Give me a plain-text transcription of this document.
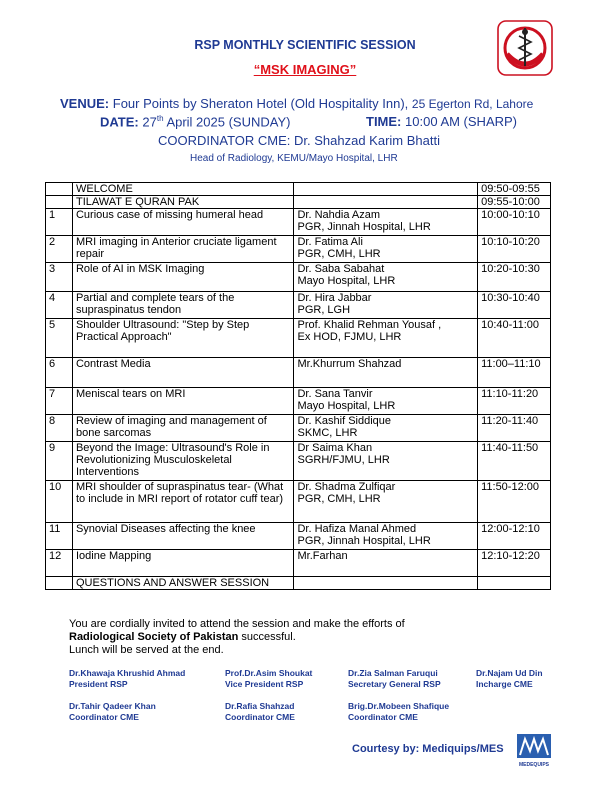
RSP MONTHLY SCIENTIFIC SESSION
“MSK IMAGING”
VENUE: Four Points by Sheraton Hotel (Old Hospitality Inn), 25 Egerton Rd, Lahore
DATE: 27th April 2025 (SUNDAY)	TIME: 10:00 AM (SHARP)
COORDINATOR CME: Dr. Shahzad Karim Bhatti
Head of Radiology, KEMU/Mayo Hospital, LHR
	WELCOME		09:50-09:55
	TILAWAT E QURAN PAK		09:55-10:00
1	Curious case of missing humeral head	Dr. Nahdia Azam
PGR, Jinnah Hospital, LHR	10:00-10:10
2	MRI imaging in Anterior cruciate ligament repair	Dr. Fatima Ali
PGR, CMH, LHR	10:10-10:20
3	Role of AI in MSK Imaging	Dr. Saba Sabahat
Mayo Hospital, LHR	10:20-10:30
4	Partial and complete tears of the supraspinatus tendon	Dr. Hira Jabbar
PGR, LGH	10:30-10:40
5	Shoulder Ultrasound: "Step by Step Practical Approach"	Prof. Khalid Rehman Yousaf ,
Ex HOD, FJMU, LHR	10:40-11:00
6	Contrast Media	Mr.Khurrum Shahzad	11:00–11:10
7	Meniscal tears on MRI	Dr. Sana Tanvir
Mayo Hospital, LHR	11:10-11:20
8	Review of imaging and management of bone sarcomas	Dr. Kashif Siddique
SKMC, LHR	11:20-11:40
9	Beyond the Image: Ultrasound's Role in Revolutionizing Musculoskeletal Interventions	Dr Saima Khan
SGRH/FJMU, LHR	11:40-11:50
10	MRI shoulder of supraspinatus tear- (What to include in MRI report of rotator cuff tear)	Dr. Shadma Zulfiqar
PGR, CMH, LHR	11:50-12:00
11	Synovial Diseases affecting the knee	Dr. Hafiza Manal Ahmed
PGR, Jinnah Hospital, LHR	12:00-12:10
12	Iodine Mapping	Mr.Farhan	12:10-12:20
	QUESTIONS AND ANSWER SESSION	

You are cordially invited to attend the session and make the efforts of
Radiological Society of Pakistan successful.
Lunch will be served at the end.
Dr.Khawaja Khrushid Ahmad
President RSP
Prof.Dr.Asim Shoukat
Vice President RSP
Dr.Zia Salman Faruqui
Secretary General RSP
Dr.Najam Ud Din
Incharge CME
Dr.Tahir Qadeer Khan
Coordinator CME
Dr.Rafia Shahzad
Coordinator CME
Brig.Dr.Mobeen Shafique
Coordinator CME
Courtesy by: Mediquips/MES
MEDEQUIPS
